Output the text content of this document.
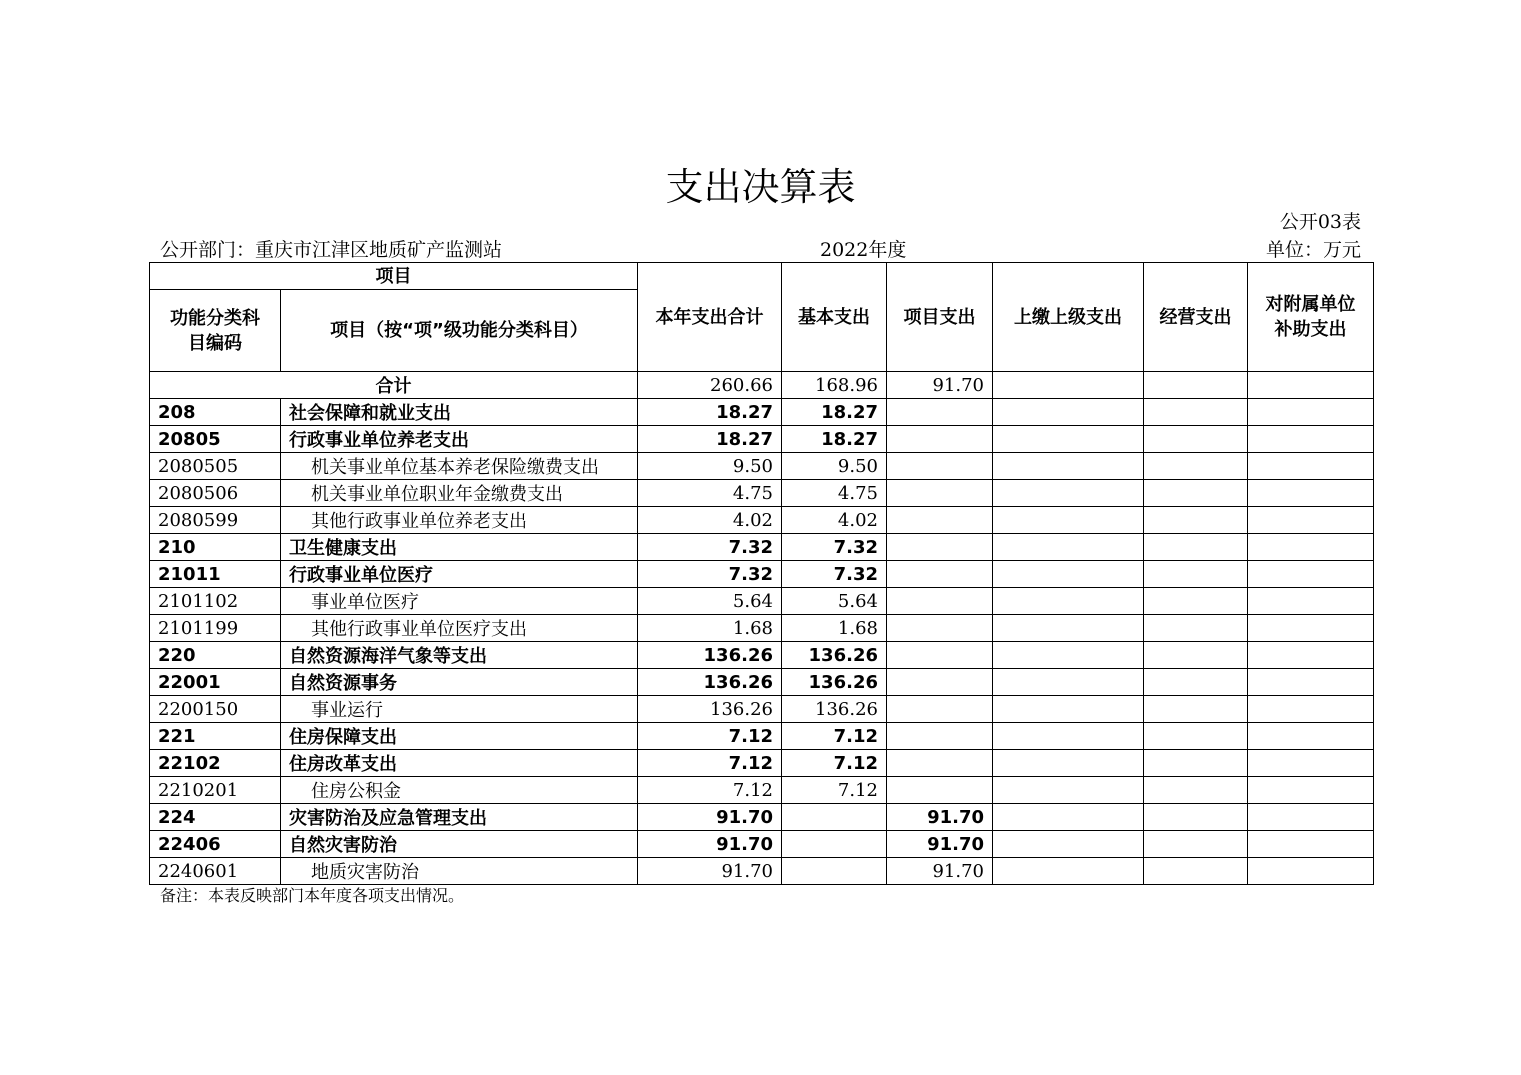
支出决算表
公开03表
公开部门：重庆市江津区地质矿产监测站	2022年度	单位：万元
项目		本年支出合计	基本支出	项目支出	上缴上级支出	经营支出	对附属单位补助支出
功能分类科目编码	项目（按“项”级功能分类科目）						
合计		260.66	168.96	91.70			
208	社会保障和就业支出	18.27	18.27				
20805	行政事业单位养老支出	18.27	18.27				
2080505	机关事业单位基本养老保险缴费支出	9.50	9.50				
2080506	机关事业单位职业年金缴费支出	4.75	4.75				
2080599	其他行政事业单位养老支出	4.02	4.02				
210	卫生健康支出	7.32	7.32				
21011	行政事业单位医疗	7.32	7.32				
2101102	事业单位医疗	5.64	5.64				
2101199	其他行政事业单位医疗支出	1.68	1.68				
220	自然资源海洋气象等支出	136.26	136.26				
22001	自然资源事务	136.26	136.26				
2200150	事业运行	136.26	136.26				
221	住房保障支出	7.12	7.12				
22102	住房改革支出	7.12	7.12				
2210201	住房公积金	7.12	7.12				
224	灾害防治及应急管理支出	91.70		91.70			
22406	自然灾害防治	91.70		91.70			
2240601	地质灾害防治	91.70		91.70			
备注：本表反映部门本年度各项支出情况。
